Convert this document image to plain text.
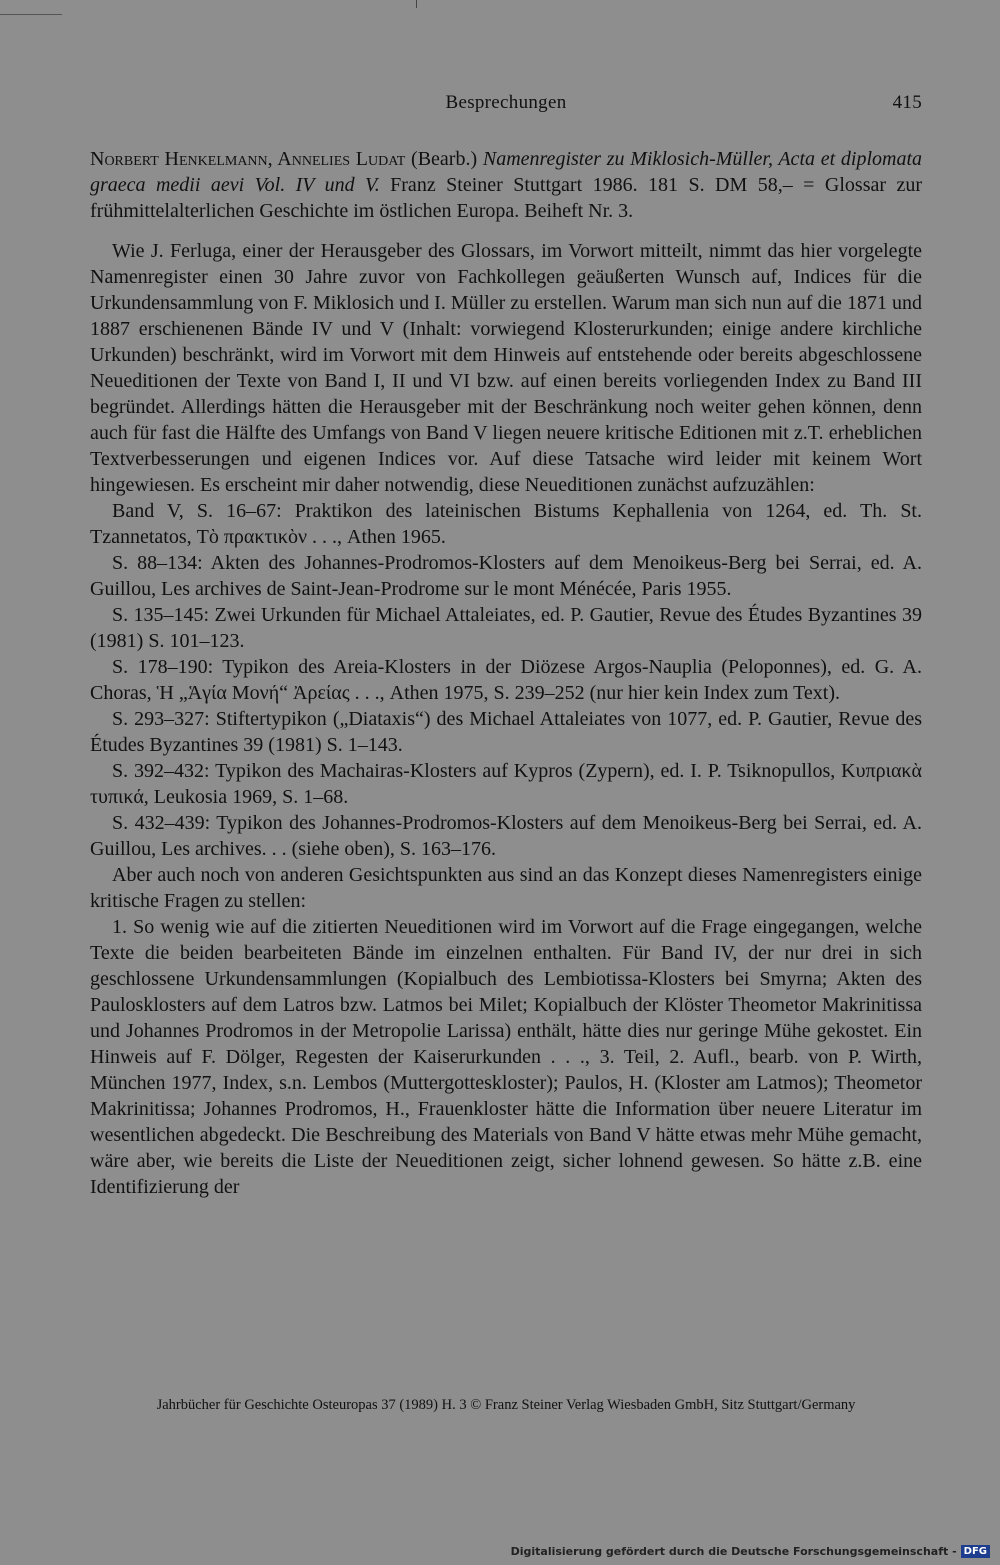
Besprechungen	415

Norbert Henkelmann, Annelies Ludat (Bearb.) Namenregister zu Miklosich-Müller, Acta et diplomata graeca medii aevi Vol. IV und V. Franz Steiner Stuttgart 1986. 181 S. DM 58,– = Glossar zur frühmittelalterlichen Geschichte im östlichen Europa. Beiheft Nr. 3.

Wie J. Ferluga, einer der Herausgeber des Glossars, im Vorwort mitteilt, nimmt das hier vorgelegte Namenregister einen 30 Jahre zuvor von Fachkollegen geäußerten Wunsch auf, Indices für die Urkundensammlung von F. Miklosich und I. Müller zu erstellen. Warum man sich nun auf die 1871 und 1887 erschienenen Bände IV und V (Inhalt: vorwiegend Klosterurkunden; einige andere kirchliche Urkunden) beschränkt, wird im Vorwort mit dem Hinweis auf entstehende oder bereits abgeschlossene Neueditionen der Texte von Band I, II und VI bzw. auf einen bereits vorliegenden Index zu Band III begründet. Allerdings hätten die Herausgeber mit der Beschränkung noch weiter gehen können, denn auch für fast die Hälfte des Umfangs von Band V liegen neuere kritische Editionen mit z.T. erheblichen Textverbesserungen und eigenen Indices vor. Auf diese Tatsache wird leider mit keinem Wort hingewiesen. Es erscheint mir daher notwendig, diese Neueditionen zunächst aufzuzählen:

Band V, S. 16–67: Praktikon des lateinischen Bistums Kephallenia von 1264, ed. Th. St. Tzannetatos, Τὸ πρακτικὸν . . ., Athen 1965.

S. 88–134: Akten des Johannes-Prodromos-Klosters auf dem Menoikeus-Berg bei Serrai, ed. A. Guillou, Les archives de Saint-Jean-Prodrome sur le mont Ménécée, Paris 1955.

S. 135–145: Zwei Urkunden für Michael Attaleiates, ed. P. Gautier, Revue des Études Byzantines 39 (1981) S. 101–123.

S. 178–190: Typikon des Areia-Klosters in der Diözese Argos-Nauplia (Peloponnes), ed. G. A. Choras, Ἡ „Ἁγία Μονή“ Ἀρείας . . ., Athen 1975, S. 239–252 (nur hier kein Index zum Text).

S. 293–327: Stiftertypikon („Diataxis“) des Michael Attaleiates von 1077, ed. P. Gautier, Revue des Études Byzantines 39 (1981) S. 1–143.

S. 392–432: Typikon des Machairas-Klosters auf Kypros (Zypern), ed. I. P. Tsiknopullos, Κυπριακὰ τυπικά, Leukosia 1969, S. 1–68.

S. 432–439: Typikon des Johannes-Prodromos-Klosters auf dem Menoikeus-Berg bei Serrai, ed. A. Guillou, Les archives. . . (siehe oben), S. 163–176.

Aber auch noch von anderen Gesichtspunkten aus sind an das Konzept dieses Namenregisters einige kritische Fragen zu stellen:

1. So wenig wie auf die zitierten Neueditionen wird im Vorwort auf die Frage eingegangen, welche Texte die beiden bearbeiteten Bände im einzelnen enthalten. Für Band IV, der nur drei in sich geschlossene Urkundensammlungen (Kopialbuch des Lembiotissa-Klosters bei Smyrna; Akten des Paulosklosters auf dem Latros bzw. Latmos bei Milet; Kopialbuch der Klöster Theometor Makrinitissa und Johannes Prodromos in der Metropolie Larissa) enthält, hätte dies nur geringe Mühe gekostet. Ein Hinweis auf F. Dölger, Regesten der Kaiserurkunden . . ., 3. Teil, 2. Aufl., bearb. von P. Wirth, München 1977, Index, s.n. Lembos (Muttergotteskloster); Paulos, H. (Kloster am Latmos); Theometor Makrinitissa; Johannes Prodromos, H., Frauenkloster hätte die Information über neuere Literatur im wesentlichen abgedeckt. Die Beschreibung des Materials von Band V hätte etwas mehr Mühe gemacht, wäre aber, wie bereits die Liste der Neueditionen zeigt, sicher lohnend gewesen. So hätte z.B. eine Identifizierung der

Jahrbücher für Geschichte Osteuropas 37 (1989) H. 3 © Franz Steiner Verlag Wiesbaden GmbH, Sitz Stuttgart/Germany
Digitalisierung gefördert durch die Deutsche Forschungsgemeinschaft - DFG
